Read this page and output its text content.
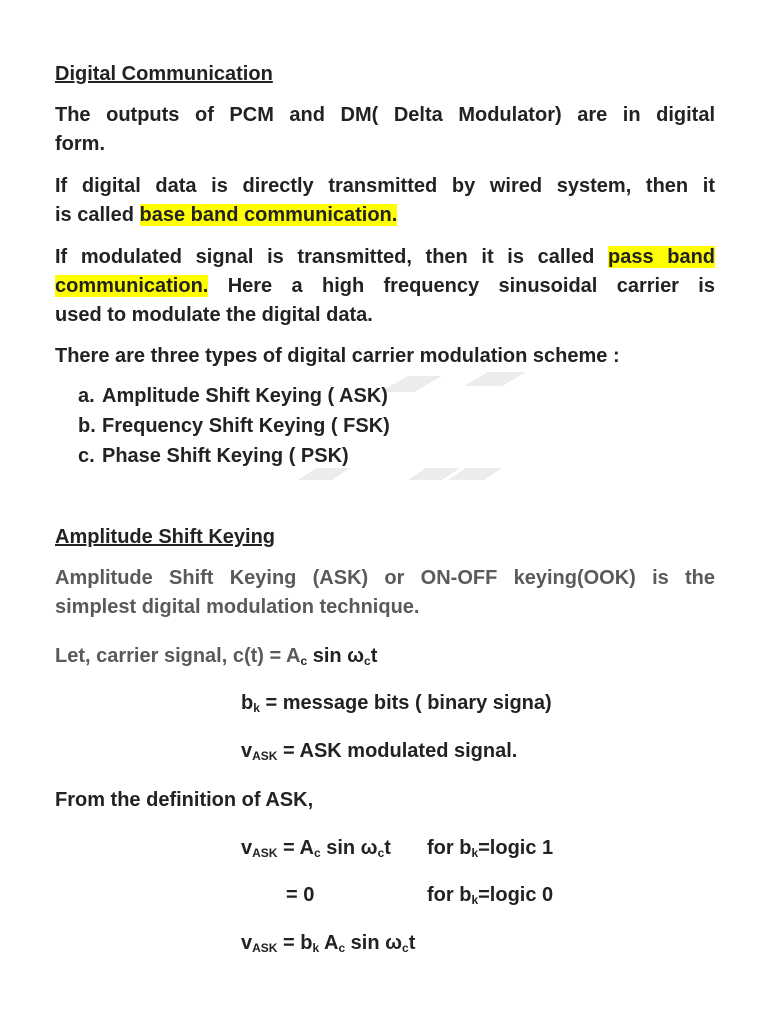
Digital Communication
The outputs of PCM and DM( Delta Modulator) are in digital
form.
If digital data is directly transmitted by wired system, then it
is called base band communication.
If modulated signal is transmitted, then it is called pass band
communication. Here a high frequency sinusoidal carrier is
used to modulate the digital data.
There are three types of digital carrier modulation scheme :
a. Amplitude Shift Keying ( ASK)
b. Frequency Shift Keying ( FSK)
c. Phase Shift Keying ( PSK)
Amplitude Shift Keying
Amplitude Shift Keying (ASK) or ON-OFF keying(OOK) is the
simplest digital modulation technique.
Let, carrier signal, $c(t) = A_c$ $\sin \omega_ct$
$b_k$ = message bits ( binary signa)
$v_{ASK}$ = ASK modulated signal.
From the definition of ASK,
$v_{ASK} = A_c$ $\sin \omega_ct$ for $b_k=logic$ 1
= 0	for $b_k=logic$ 0
$v_{ASK} = b_k$ $A_c$ $\sin \omega_ct$
